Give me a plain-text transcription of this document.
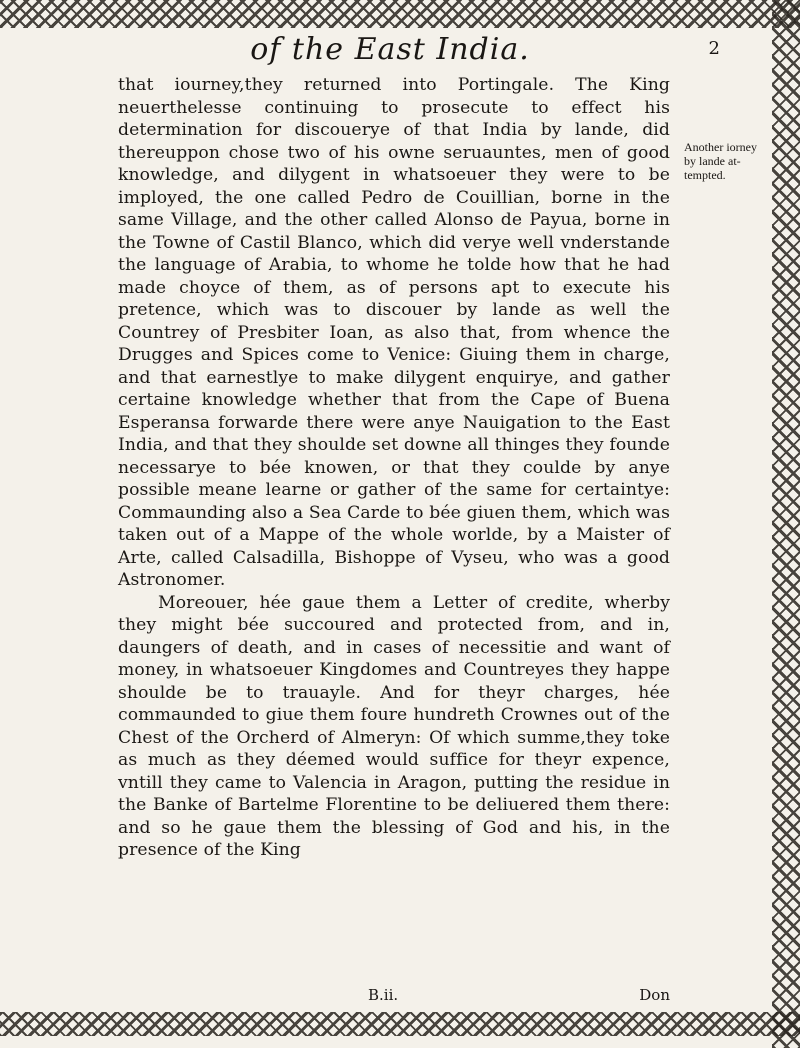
of the East India.	2

that iourney,they returned into Portingale. The King neuerthelesse continuing to prosecute to effect his determination for discouerye of that India by lande, did thereuppon chose two of his owne seruauntes, men of good knowledge, and dilygent in whatsoeuer they were to be imployed, the one called Pedro de Couillian, borne in the same Village, and the other called Alonso de Payua, borne in the Towne of Castil Blanco, which did verye well vnderstande the language of Arabia, to whome he tolde how that he had made choyce of them, as of persons apt to execute his pretence, which was to discouer by lande as well the Countrey of Presbiter Ioan, as also that, from whence the Drugges and Spices come to Venice: Giuing them in charge, and that earnestlye to make dilygent enquirye, and gather certaine knowledge whether that from the Cape of Buena Esperansa forwarde there were anye Nauigation to the East India, and that they shoulde set downe all thinges they founde necessarye to bée knowen, or that they coulde by anye possible meane learne or gather of the same for certaintye: Commaunding also a Sea Carde to bée giuen them, which was taken out of a Mappe of the whole worlde, by a Maister of Arte, called Calsadilla, Bishoppe of Vyseu, who was a good Astronomer.

Moreouer, hée gaue them a Letter of credite, wherby they might bée succoured and protected from, and in, daungers of death, and in cases of necessitie and want of money, in whatsoeuer Kingdomes and Countreyes they happe shoulde be to trauayle. And for theyr charges, hée commaunded to giue them foure hundreth Crownes out of the Chest of the Orcherd of Almeryn: Of which summe,they toke as much as they déemed would suffice for theyr expence, vntill they came to Valencia in Aragon, putting the residue in the Banke of Bartelme Florentine to be deliuered them there: and so he gaue them the blessing of God and his, in the presence of the King

Another iorney by lande at-tempted.
B.ii.	Don
